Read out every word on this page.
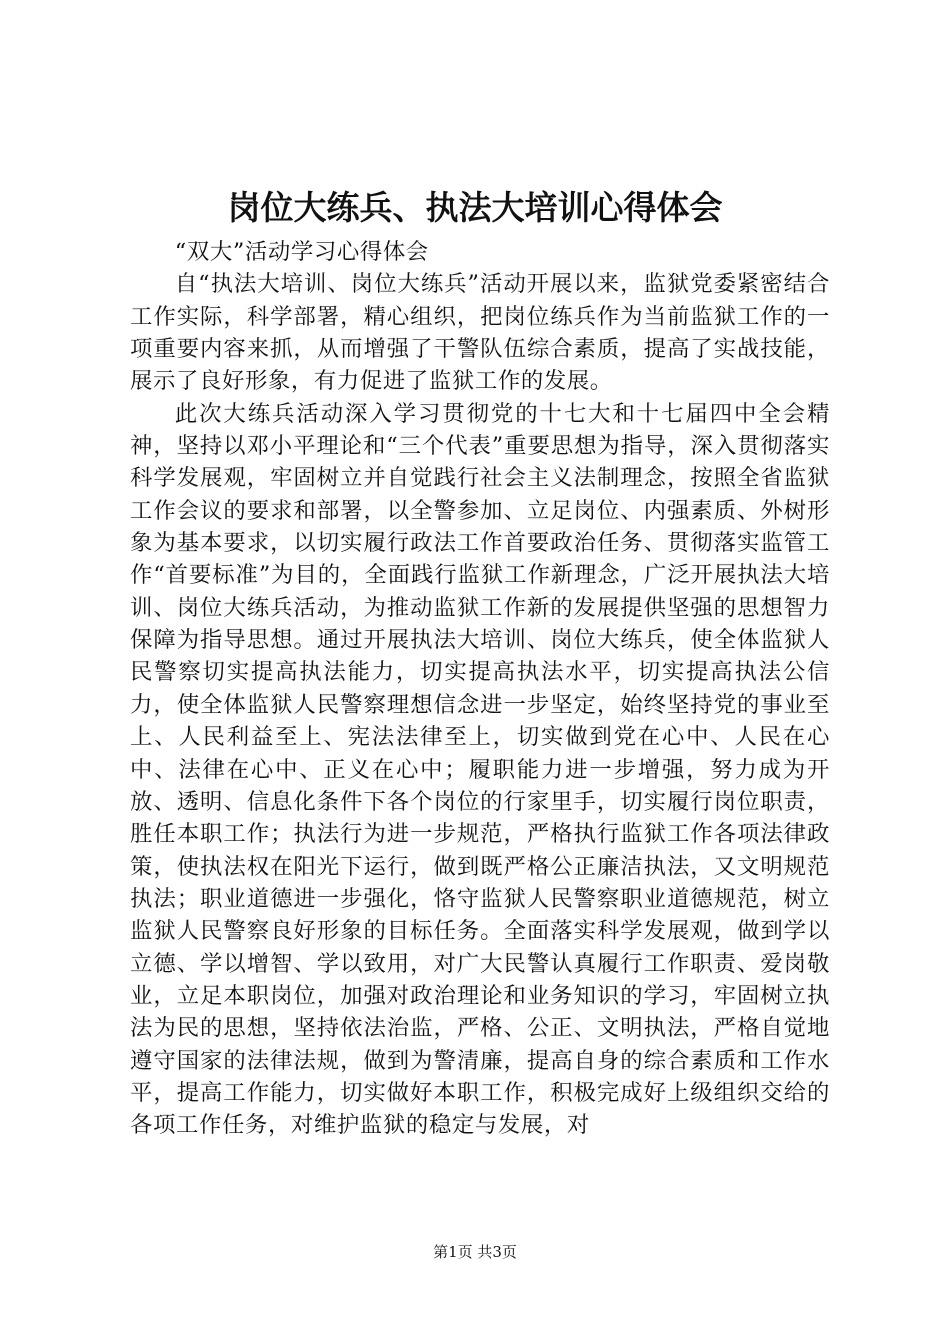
岗位大练兵、执法大培训心得体会

“双大”活动学习心得体会

自“执法大培训、岗位大练兵”活动开展以来，监狱党委紧密结合工作实际，科学部署，精心组织，把岗位练兵作为当前监狱工作的一项重要内容来抓，从而增强了干警队伍综合素质，提高了实战技能，展示了良好形象，有力促进了监狱工作的发展。

此次大练兵活动深入学习贯彻党的十七大和十七届四中全会精神，坚持以邓小平理论和“三个代表”重要思想为指导，深入贯彻落实科学发展观，牢固树立并自觉践行社会主义法制理念，按照全省监狱工作会议的要求和部署，以全警参加、立足岗位、内强素质、外树形象为基本要求，以切实履行政法工作首要政治任务、贯彻落实监管工作“首要标准”为目的，全面践行监狱工作新理念，广泛开展执法大培训、岗位大练兵活动，为推动监狱工作新的发展提供坚强的思想智力保障为指导思想。通过开展执法大培训、岗位大练兵，使全体监狱人民警察切实提高执法能力，切实提高执法水平，切实提高执法公信力，使全体监狱人民警察理想信念进一步坚定，始终坚持党的事业至上、人民利益至上、宪法法律至上，切实做到党在心中、人民在心中、法律在心中、正义在心中；履职能力进一步增强，努力成为开放、透明、信息化条件下各个岗位的行家里手，切实履行岗位职责，胜任本职工作；执法行为进一步规范，严格执行监狱工作各项法律政策，使执法权在阳光下运行，做到既严格公正廉洁执法，又文明规范执法；职业道德进一步强化，恪守监狱人民警察职业道德规范，树立监狱人民警察良好形象的目标任务。全面落实科学发展观，做到学以立德、学以增智、学以致用，对广大民警认真履行工作职责、爱岗敬业，立足本职岗位，加强对政治理论和业务知识的学习，牢固树立执法为民的思想，坚持依法治监，严格、公正、文明执法，严格自觉地遵守国家的法律法规，做到为警清廉，提高自身的综合素质和工作水平，提高工作能力，切实做好本职工作，积极完成好上级组织交给的各项工作任务，对维护监狱的稳定与发展，对

第1页 共3页
